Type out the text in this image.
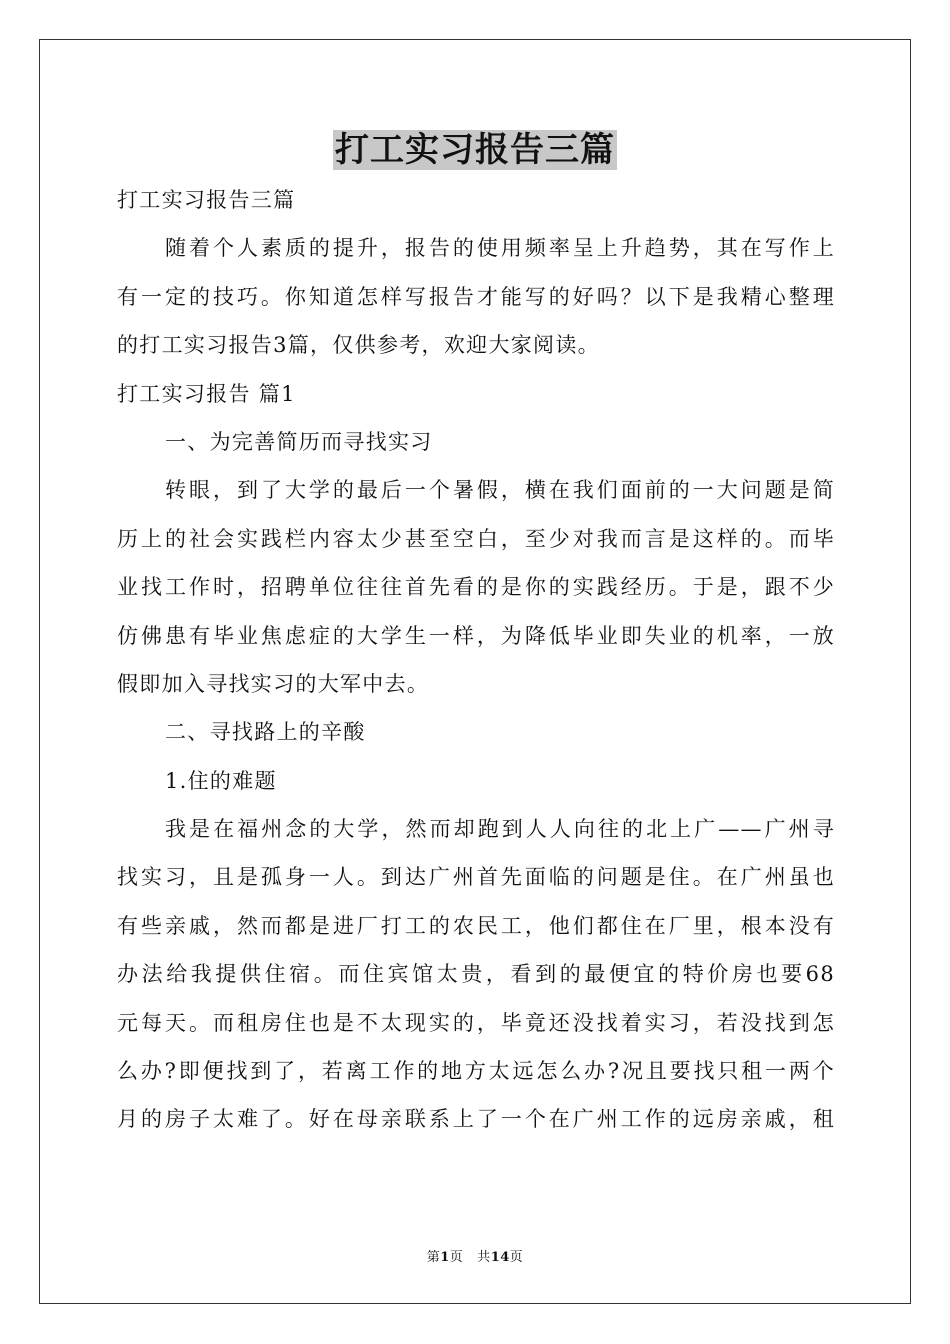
打工实习报告三篇
打工实习报告三篇
随着个人素质的提升，报告的使用频率呈上升趋势，其在写作上
有一定的技巧。你知道怎样写报告才能写的好吗？以下是我精心整理
的打工实习报告3篇，仅供参考，欢迎大家阅读。
打工实习报告 篇1
一、为完善简历而寻找实习
转眼，到了大学的最后一个暑假，横在我们面前的一大问题是简
历上的社会实践栏内容太少甚至空白，至少对我而言是这样的。而毕
业找工作时，招聘单位往往首先看的是你的实践经历。于是，跟不少
仿佛患有毕业焦虑症的大学生一样，为降低毕业即失业的机率，一放
假即加入寻找实习的大军中去。
二、寻找路上的辛酸
1.住的难题
我是在福州念的大学，然而却跑到人人向往的北上广——广州寻
找实习，且是孤身一人。到达广州首先面临的问题是住。在广州虽也
有些亲戚，然而都是进厂打工的农民工，他们都住在厂里，根本没有
办法给我提供住宿。而住宾馆太贵，看到的最便宜的特价房也要68
元每天。而租房住也是不太现实的，毕竟还没找着实习，若没找到怎
么办?即便找到了，若离工作的地方太远怎么办?况且要找只租一两个
月的房子太难了。好在母亲联系上了一个在广州工作的远房亲戚，租
第1页 共14页
